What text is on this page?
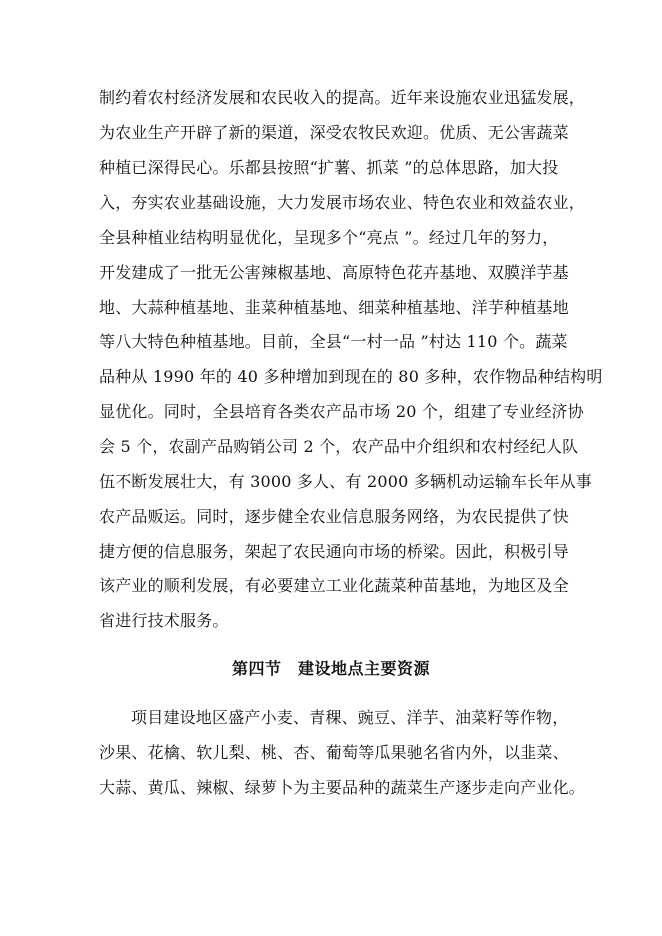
制约着农村经济发展和农民收入的提高。近年来设施农业迅猛发展，
为农业生产开辟了新的渠道，深受农牧民欢迎。优质、无公害蔬菜
种植已深得民心。乐都县按照“扩薯、抓菜 ”的总体思路，加大投
入，夯实农业基础设施，大力发展市场农业、特色农业和效益农业，
全县种植业结构明显优化，呈现多个“亮点 ”。经过几年的努力，
开发建成了一批无公害辣椒基地、高原特色花卉基地、双膜洋芋基
地、大蒜种植基地、韭菜种植基地、细菜种植基地、洋芋种植基地
等八大特色种植基地。目前，全县“一村一品 ”村达 110 个。蔬菜
品种从 1990 年的 40 多种增加到现在的 80 多种，农作物品种结构明
显优化。同时，全县培育各类农产品市场 20 个，组建了专业经济协
会 5 个，农副产品购销公司 2 个，农产品中介组织和农村经纪人队
伍不断发展壮大，有 3000 多人、有 2000 多辆机动运输车长年从事
农产品贩运。同时，逐步健全农业信息服务网络，为农民提供了快
捷方便的信息服务，架起了农民通向市场的桥梁。因此，积极引导
该产业的顺利发展，有必要建立工业化蔬菜种苗基地，为地区及全
省进行技术服务。
第四节　建设地点主要资源
项目建设地区盛产小麦、青稞、豌豆、洋芋、油菜籽等作物，
沙果、花檎、软儿梨、桃、杏、葡萄等瓜果驰名省内外，以韭菜、
大蒜、黄瓜、辣椒、绿萝卜为主要品种的蔬菜生产逐步走向产业化。
